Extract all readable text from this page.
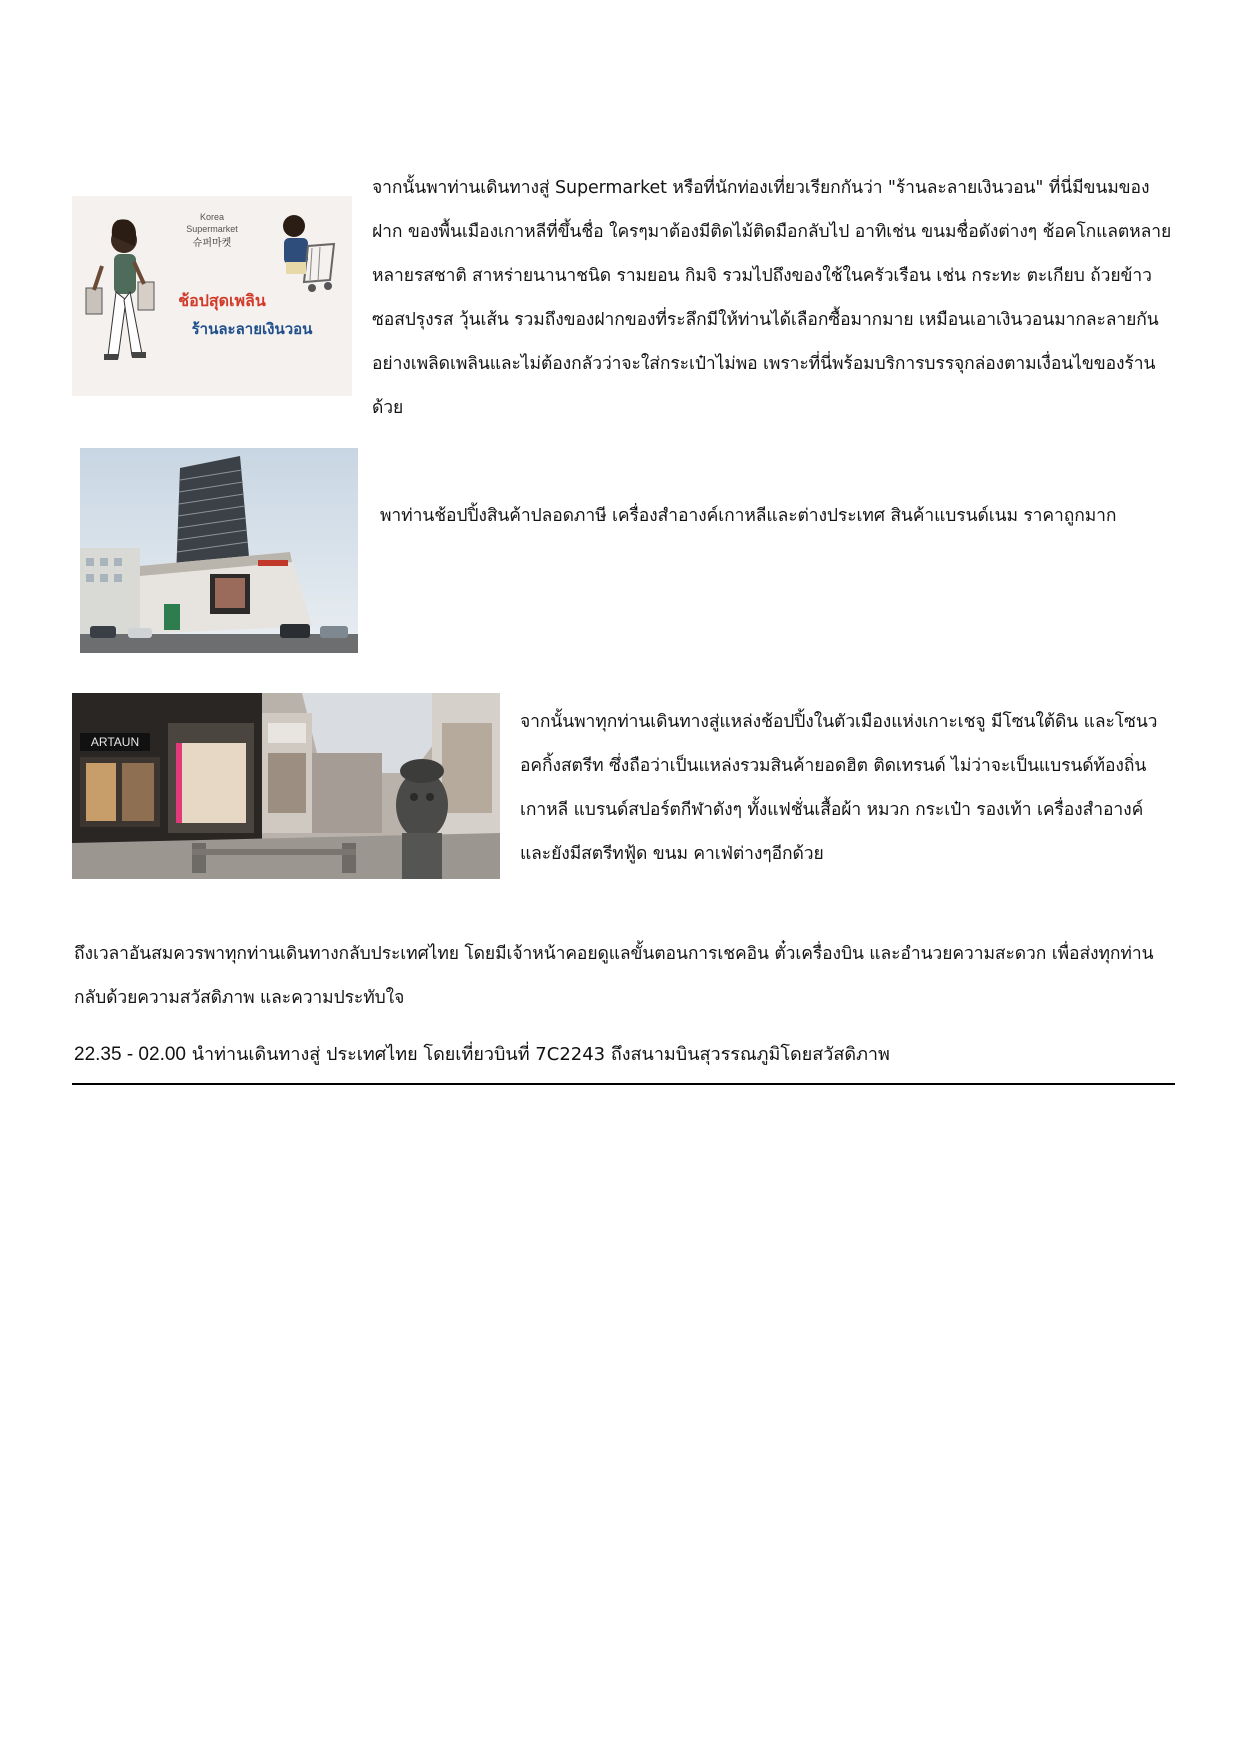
Korea
Supermarket
슈퍼마켓
ช้อปสุดเพลิน
ร้านละลายเงินวอน
จากนั้นพาท่านเดินทางสู่ Supermarket หรือที่นักท่องเที่ยวเรียกกันว่า "ร้านละลายเงินวอน" ที่นี่มีขนมของฝาก ของพื้นเมืองเกาหลีที่ขึ้นชื่อ ใครๆมาต้องมีติดไม้ติดมือกลับไป อาทิเช่น ขนมชื่อดังต่างๆ ช้อคโกแลตหลายหลายรสชาติ สาหร่ายนานาชนิด รามยอน กิมจิ รวมไปถึงของใช้ในครัวเรือน เช่น กระทะ ตะเกียบ ถ้วยข้าว ซอสปรุงรส วุ้นเส้น รวมถึงของฝากของที่ระลึกมีให้ท่านได้เลือกซื้อมากมาย เหมือนเอาเงินวอนมากละลายกันอย่างเพลิดเพลินและไม่ต้องกลัวว่าจะใส่กระเป๋าไม่พอ เพราะที่นี่พร้อมบริการบรรจุกล่องตามเงื่อนไขของร้านด้วย
พาท่านช้อปปิ้งสินค้าปลอดภาษี เครื่องสำอางค์เกาหลีและต่างประเทศ สินค้าแบรนด์เนม ราคาถูกมาก
ARTAUN
จากนั้นพาทุกท่านเดินทางสู่แหล่งช้อปปิ้งในตัวเมืองแห่งเกาะเชจู มีโซนใต้ดิน และโซนวอคกิ้งสตรีท ซึ่งถือว่าเป็นแหล่งรวมสินค้ายอดฮิต ติดเทรนด์ ไม่ว่าจะเป็นแบรนด์ท้องถิ่นเกาหลี แบรนด์สปอร์ตกีฬาดังๆ ทั้งแฟชั่นเสื้อผ้า หมวก กระเป๋า รองเท้า เครื่องสำอางค์ และยังมีสตรีทฟู้ด ขนม คาเฟ่ต่างๆอีกด้วย
ถึงเวลาอันสมควรพาทุกท่านเดินทางกลับประเทศไทย โดยมีเจ้าหน้าคอยดูแลขั้นตอนการเชคอิน ตั๋วเครื่องบิน และอำนวยความสะดวก เพื่อส่งทุกท่านกลับด้วยความสวัสดิภาพ และความประทับใจ
22.35 - 02.00 นำท่านเดินทางสู่ ประเทศไทย โดยเที่ยวบินที่ 7C2243 ถึงสนามบินสุวรรณภูมิโดยสวัสดิภาพ
